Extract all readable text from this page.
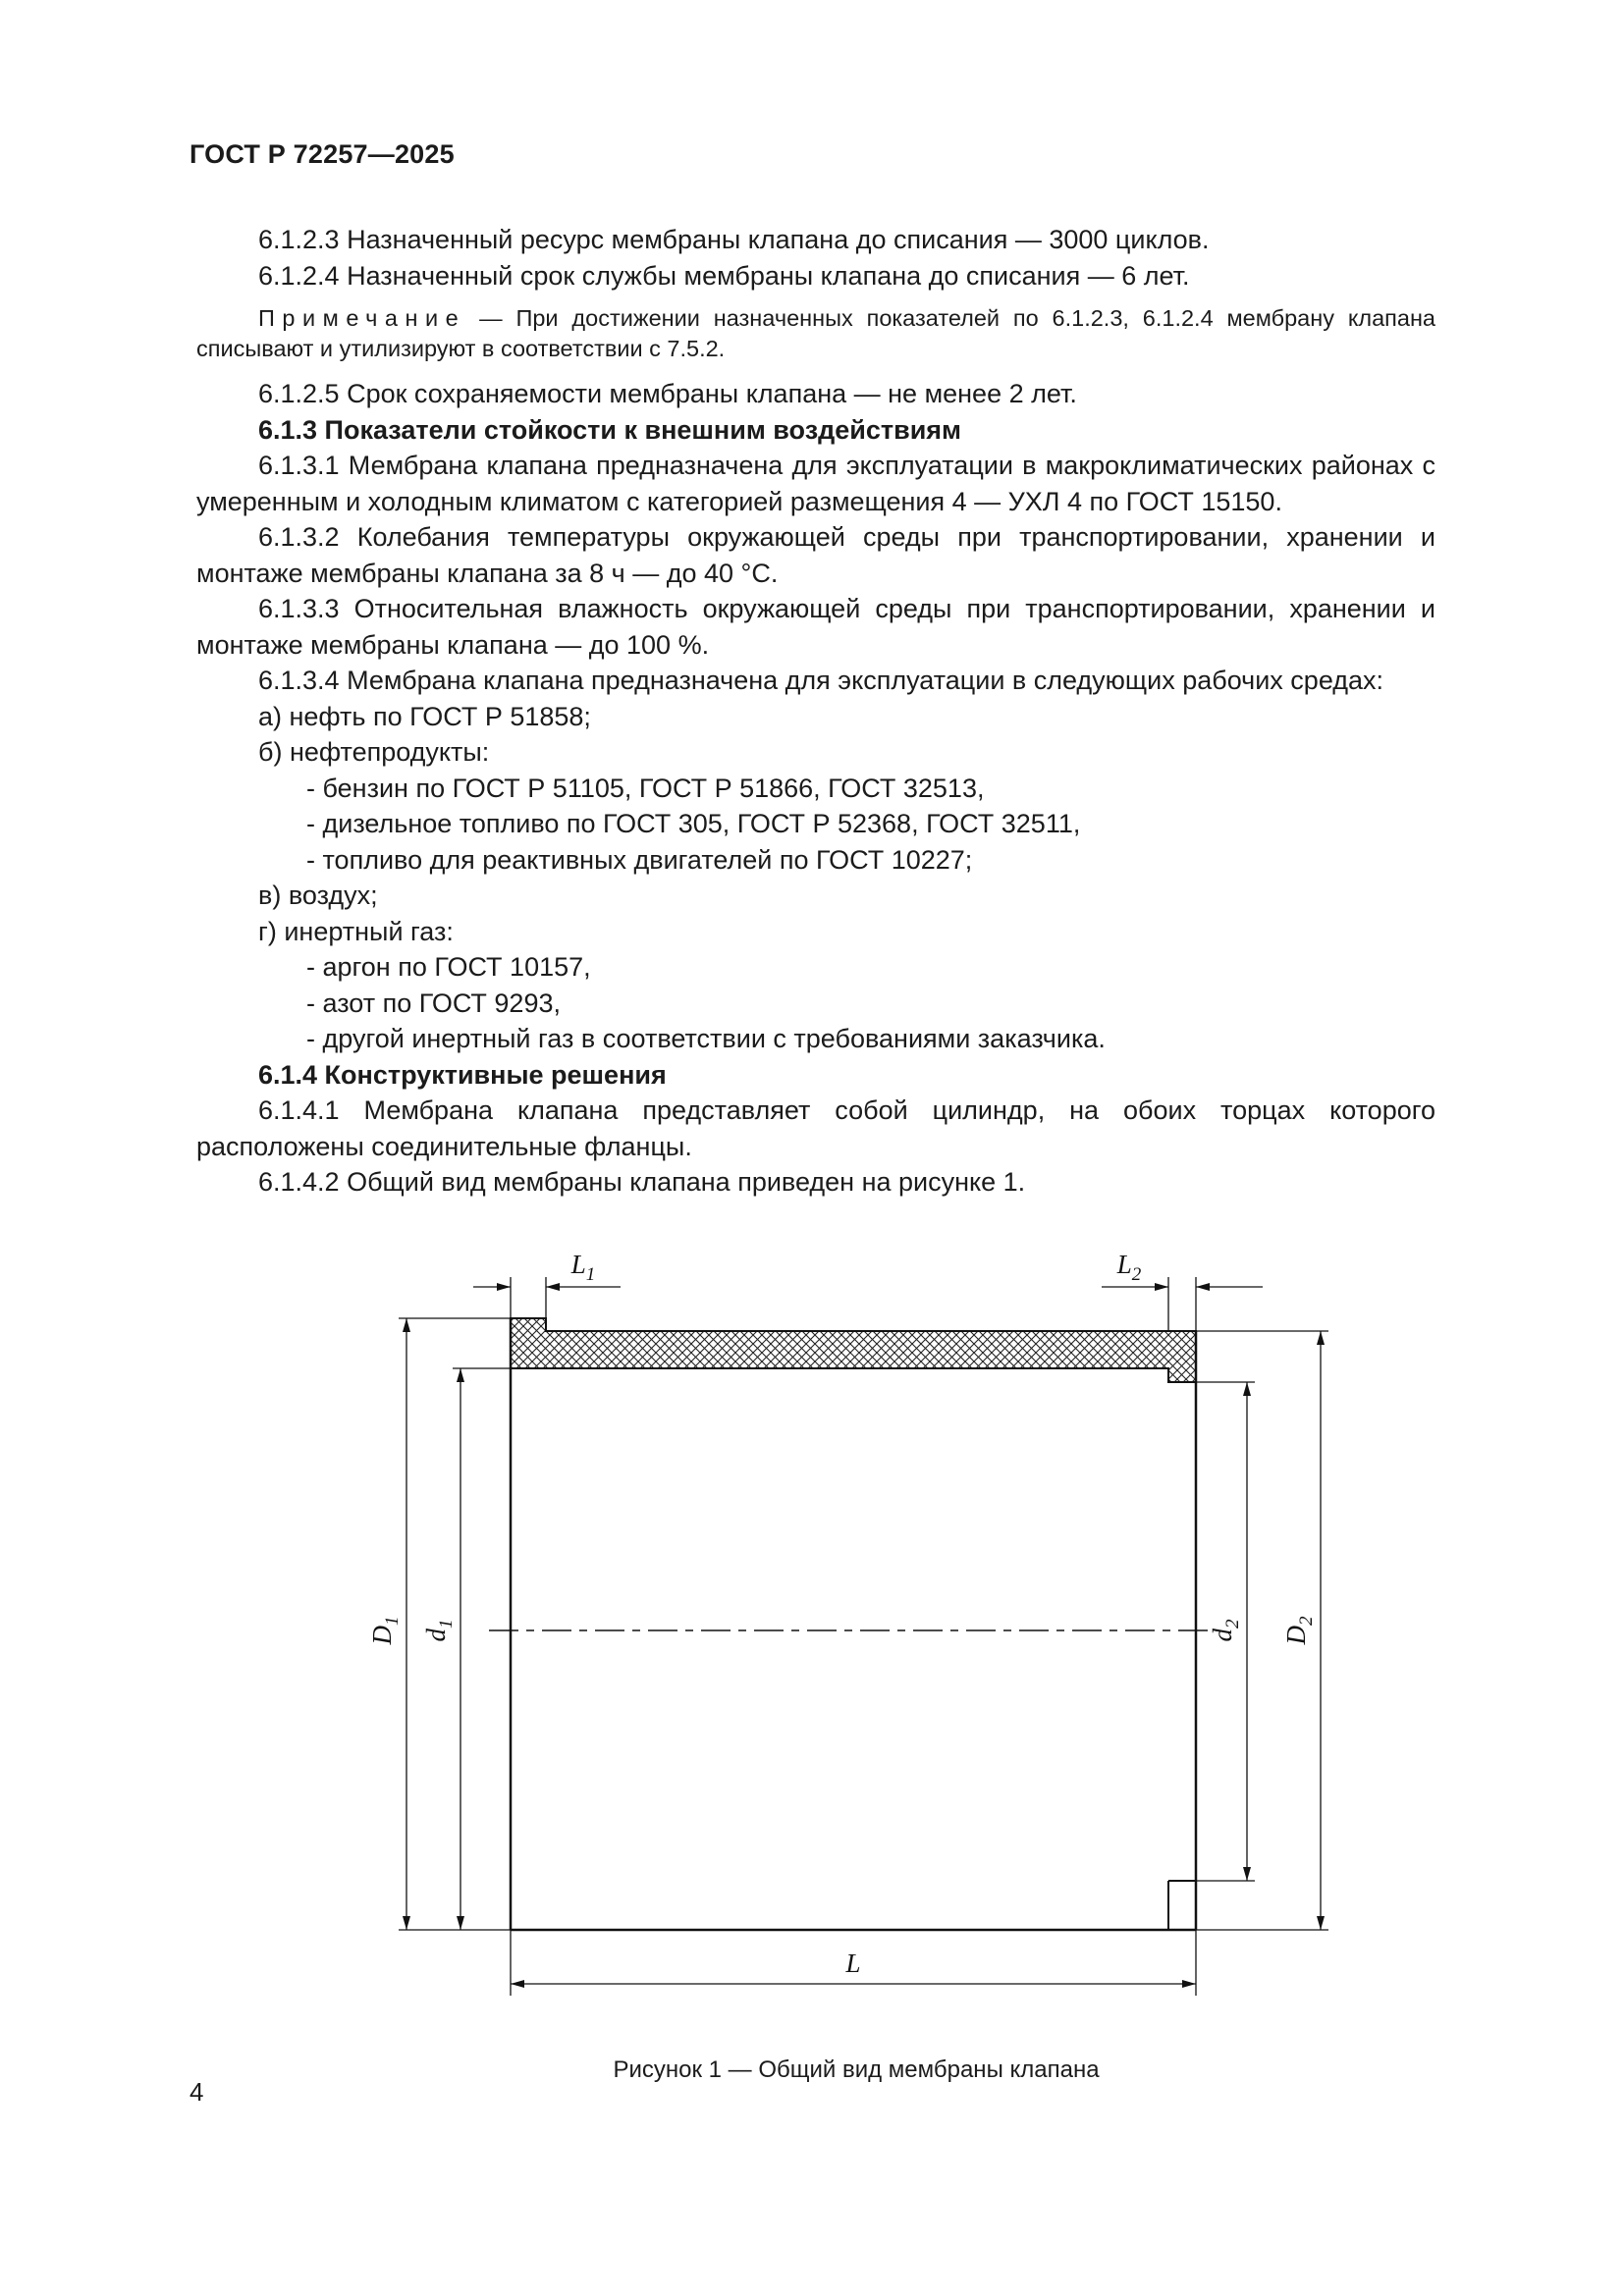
ГОСТ Р 72257—2025

6.1.2.3 Назначенный ресурс мембраны клапана до списания — 3000 циклов.

6.1.2.4 Назначенный срок службы мембраны клапана до списания — 6 лет.

Примечание — При достижении назначенных показателей по 6.1.2.3, 6.1.2.4 мембрану клапана списывают и утилизируют в соответствии с 7.5.2.

6.1.2.5 Срок сохраняемости мембраны клапана — не менее 2 лет.

6.1.3 Показатели стойкости к внешним воздействиям

6.1.3.1 Мембрана клапана предназначена для эксплуатации в макроклиматических районах с умеренным и холодным климатом с категорией размещения 4 — УХЛ 4 по ГОСТ 15150.

6.1.3.2 Колебания температуры окружающей среды при транспортировании, хранении и монтаже мембраны клапана за 8 ч — до 40 °С.

6.1.3.3 Относительная влажность окружающей среды при транспортировании, хранении и монтаже мембраны клапана — до 100 %.

6.1.3.4 Мембрана клапана предназначена для эксплуатации в следующих рабочих средах:

а) нефть по ГОСТ Р 51858;

б) нефтепродукты:

- бензин по ГОСТ Р 51105, ГОСТ Р 51866, ГОСТ 32513,

- дизельное топливо по ГОСТ 305, ГОСТ Р 52368, ГОСТ 32511,

- топливо для реактивных двигателей по ГОСТ 10227;

в) воздух;

г) инертный газ:

- аргон по ГОСТ 10157,

- азот по ГОСТ 9293,

- другой инертный газ в соответствии с требованиями заказчика.

6.1.4 Конструктивные решения

6.1.4.1 Мембрана клапана представляет собой цилиндр, на обоих торцах которого расположены соединительные фланцы.

6.1.4.2 Общий вид мембраны клапана приведен на рисунке 1.

$L_1$	$L_2$
$D_1$
$d_1$
$d_2$
$D_2$
L
Рисунок 1 — Общий вид мембраны клапана
4
